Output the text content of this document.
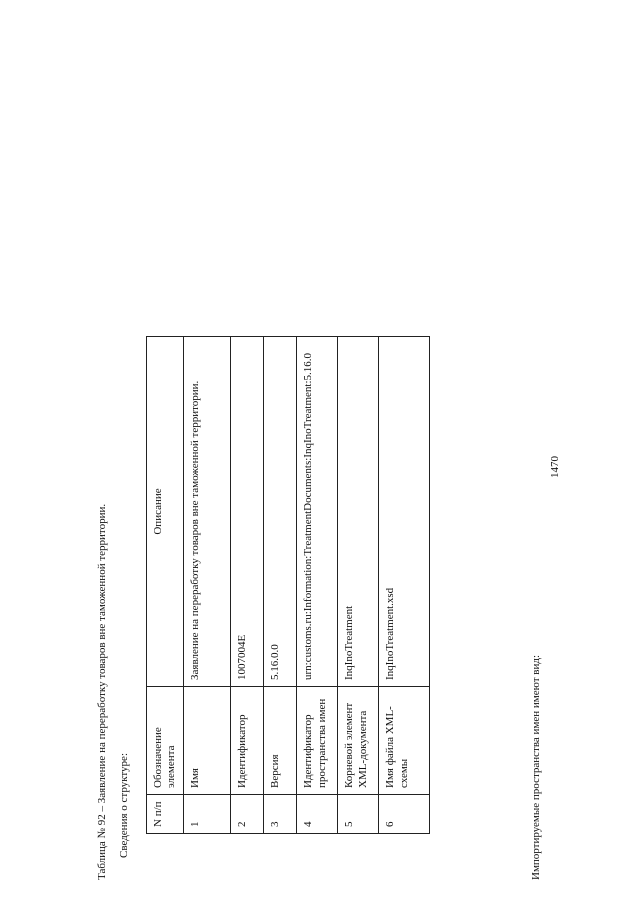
1470
Таблица № 92 – Заявление на переработку товаров вне таможенной территории. Сведения о структуре: N п/п	Обозначение элемента	Описание
1	Имя	Заявление на переработку товаров вне таможенной территории.
2	Идентификатор	1007004E
3	Версия	5.16.0.0
4	Идентификатор пространства имен	urn:customs.ru:Information:TreatmentDocuments:InqInoTreatment:5.16.0
5	Корневой элемент XML-документа	InqInoTreatment
6	Имя файла XML-схемы	InqInoTreatment.xsd
Импортируемые пространства имен имеют вид:
